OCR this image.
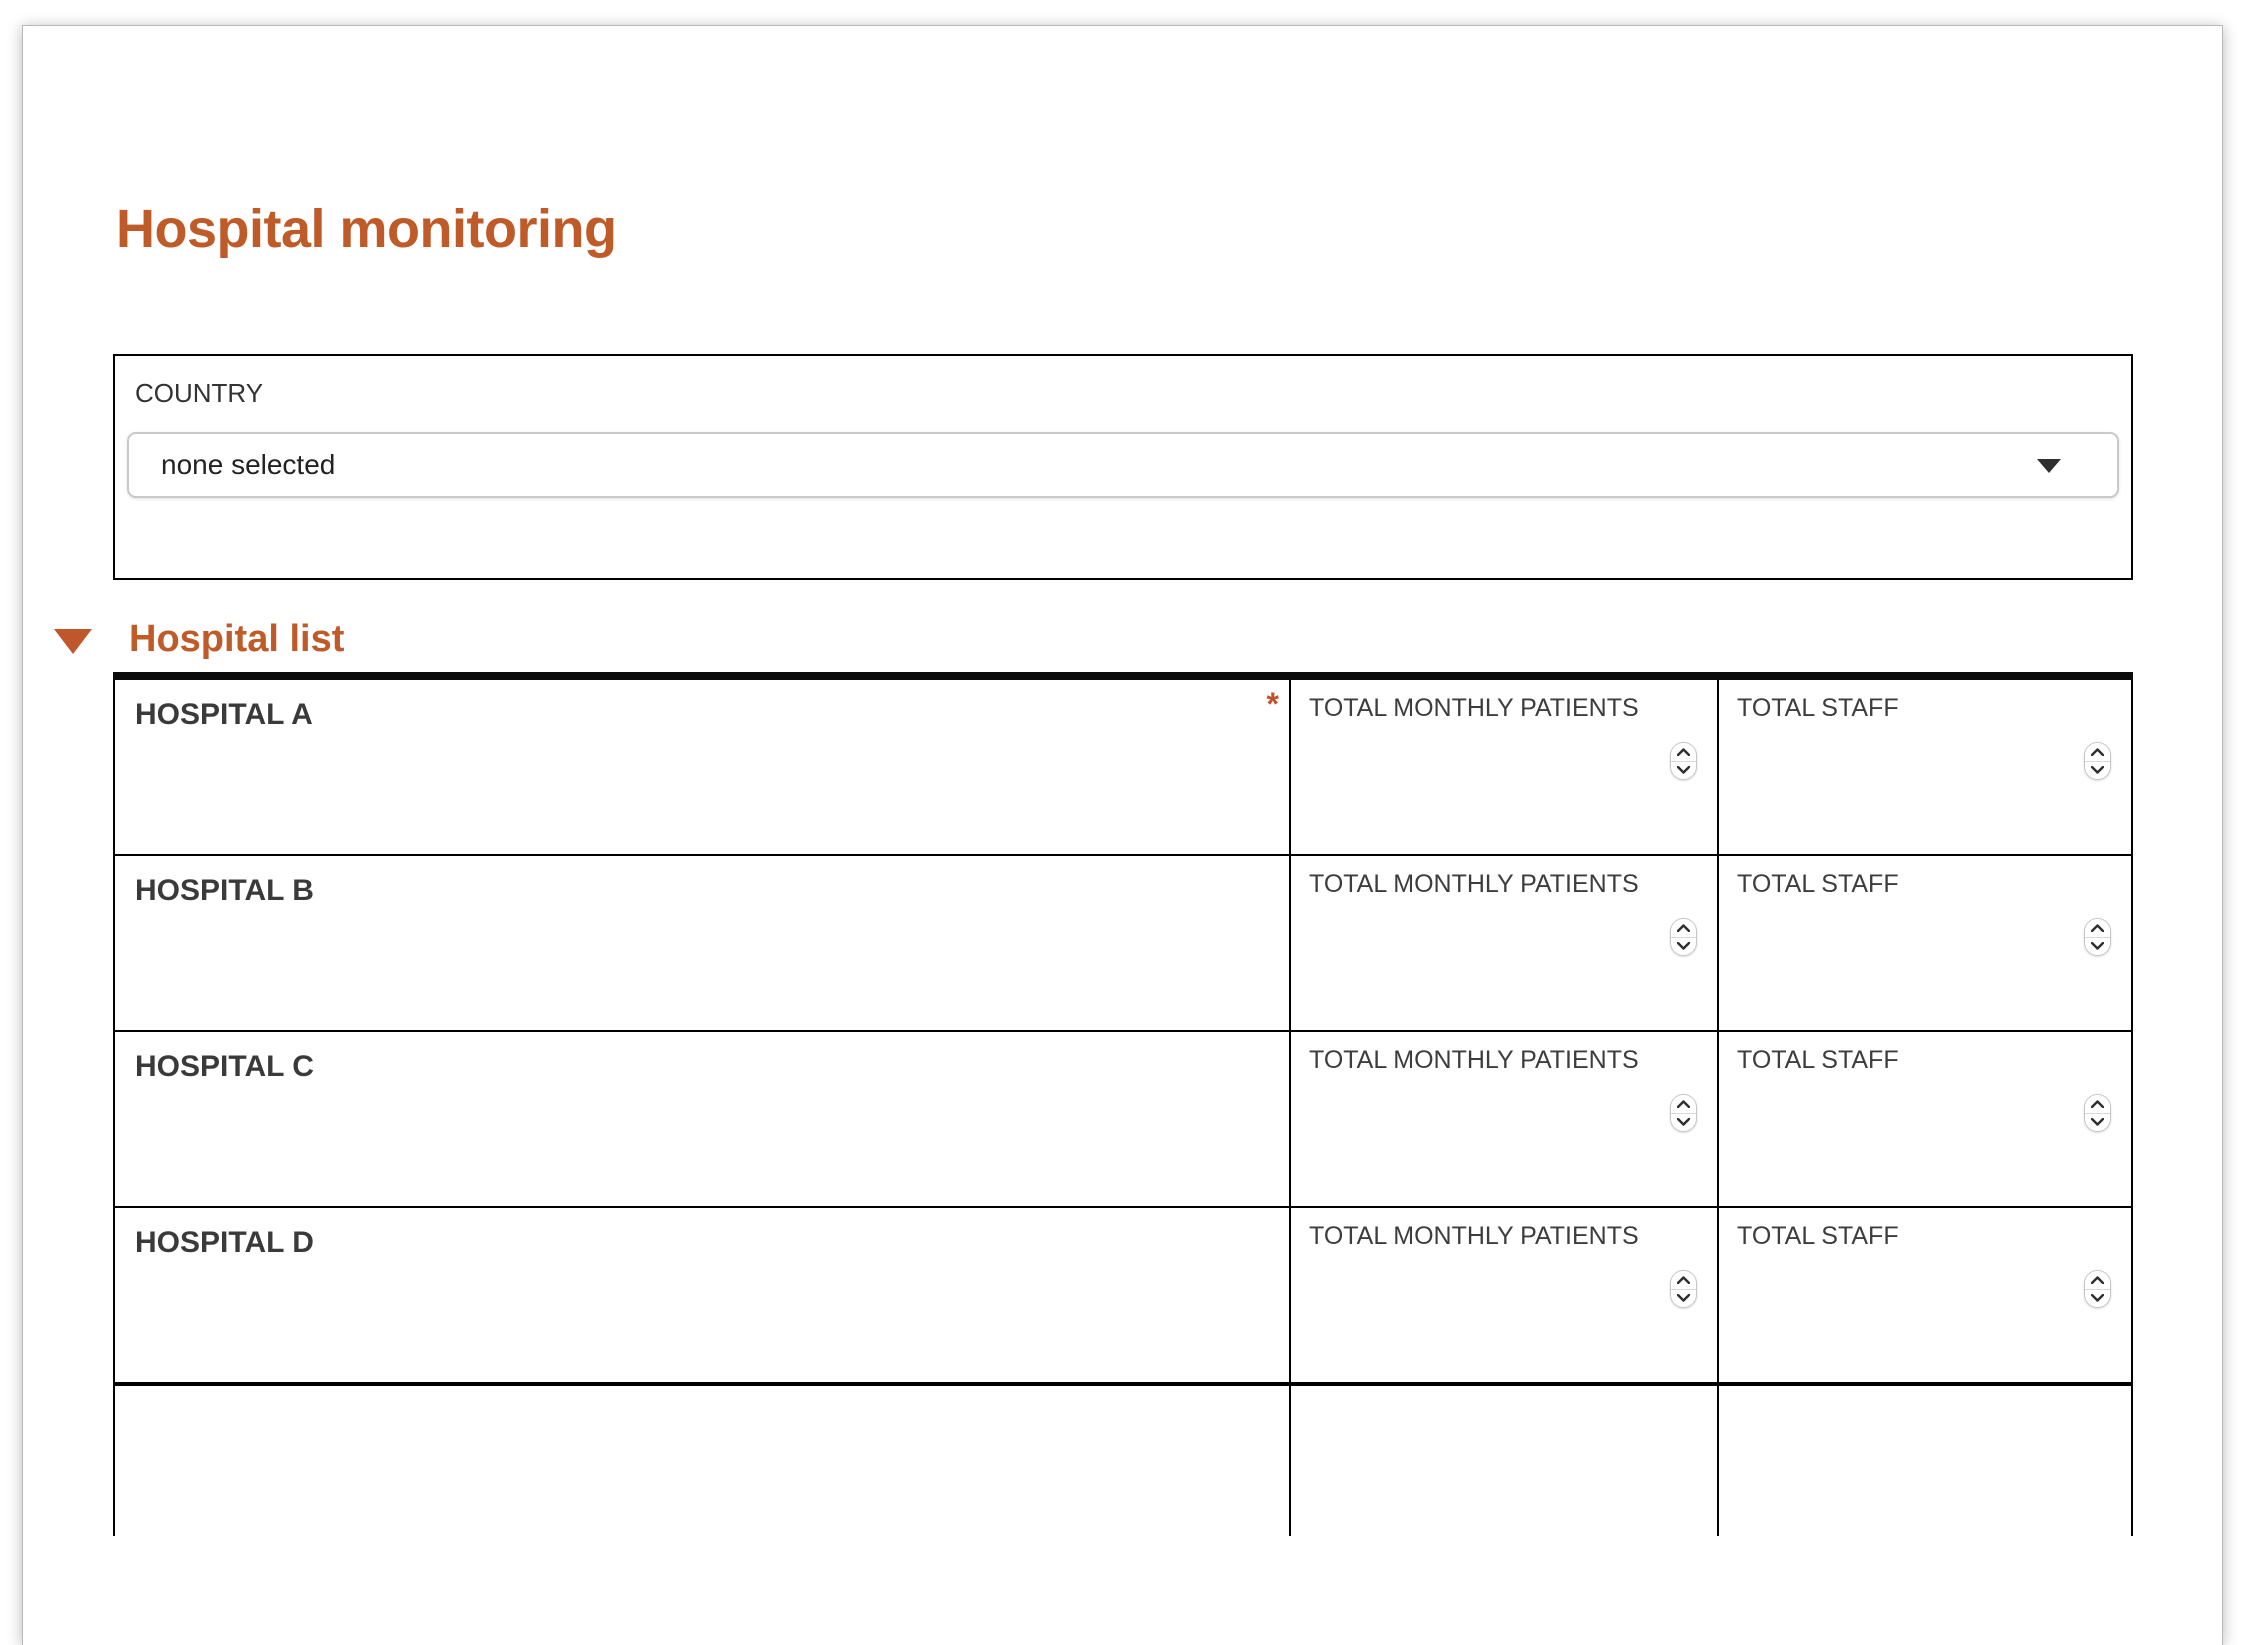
Hospital monitoring
COUNTRY
none selected
Hospital list
HOSPITAL A	* TOTAL MONTHLY PATIENTS	TOTAL STAFF
HOSPITAL B	TOTAL MONTHLY PATIENTS	TOTAL STAFF
HOSPITAL C	TOTAL MONTHLY PATIENTS	TOTAL STAFF
HOSPITAL D	TOTAL MONTHLY PATIENTS	TOTAL STAFF
